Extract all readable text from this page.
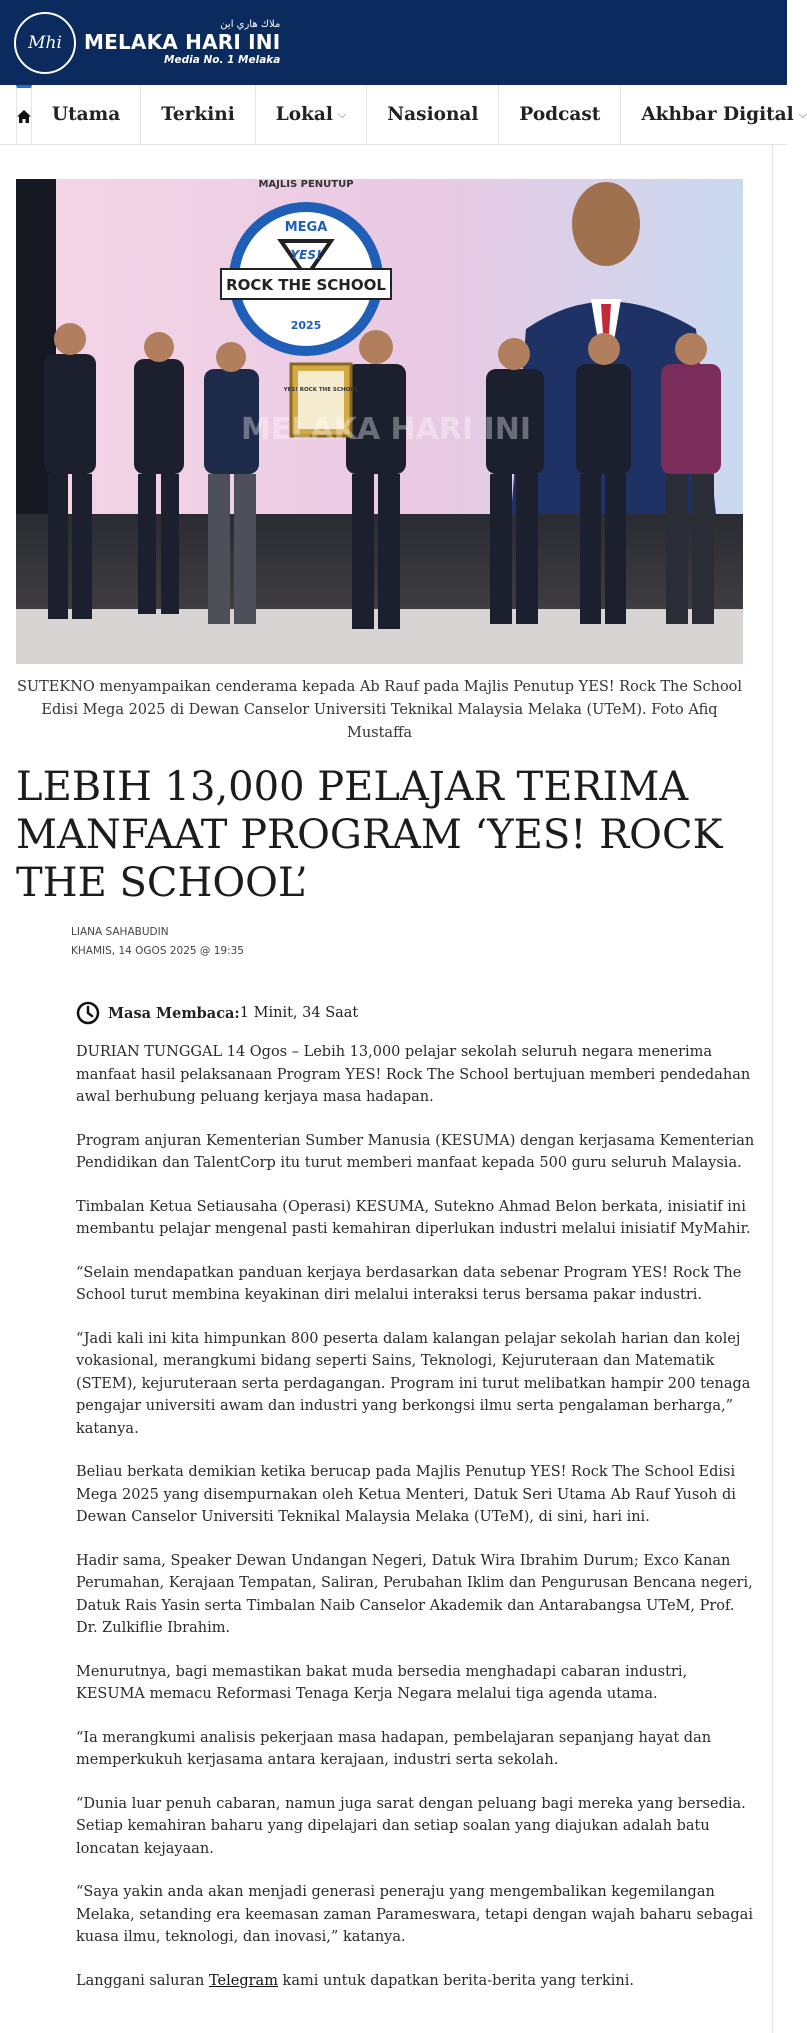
Mhi
ملاك هاري اين
MELAKA HARI INI
Media No. 1 Melaka
Utama Terkini Lokal ⌵ Nasional Podcast Akhbar Digital ⌵
MAJLIS PENUTUP
MEGA
YES!
ROCK THE SCHOOL
2025
YES! ROCK THE SCHOOL
MELAKA HARI INI
SUTEKNO menyampaikan cenderama kepada Ab Rauf pada Majlis Penutup YES! Rock The School Edisi Mega 2025 di Dewan Canselor Universiti Teknikal Malaysia Melaka (UTeM). Foto Afiq Mustaffa
LEBIH 13,000 PELAJAR TERIMA MANFAAT PROGRAM ‘YES! ROCK THE SCHOOL’
LIANA SAHABUDIN
KHAMIS, 14 OGOS 2025 @ 19:35
Masa Membaca: 1 Minit, 34 Saat

DURIAN TUNGGAL 14 Ogos – Lebih 13,000 pelajar sekolah seluruh negara menerima manfaat hasil pelaksanaan Program YES! Rock The School bertujuan memberi pendedahan awal berhubung peluang kerjaya masa hadapan.

Program anjuran Kementerian Sumber Manusia (KESUMA) dengan kerjasama Kementerian Pendidikan dan TalentCorp itu turut memberi manfaat kepada 500 guru seluruh Malaysia.

Timbalan Ketua Setiausaha (Operasi) KESUMA, Sutekno Ahmad Belon berkata, inisiatif ini membantu pelajar mengenal pasti kemahiran diperlukan industri melalui inisiatif MyMahir.

“Selain mendapatkan panduan kerjaya berdasarkan data sebenar Program YES! Rock The School turut membina keyakinan diri melalui interaksi terus bersama pakar industri.

“Jadi kali ini kita himpunkan 800 peserta dalam kalangan pelajar sekolah harian dan kolej vokasional, merangkumi bidang seperti Sains, Teknologi, Kejuruteraan dan Matematik (STEM), kejuruteraan serta perdagangan. Program ini turut melibatkan hampir 200 tenaga pengajar universiti awam dan industri yang berkongsi ilmu serta pengalaman berharga,” katanya.

Beliau berkata demikian ketika berucap pada Majlis Penutup YES! Rock The School Edisi Mega 2025 yang disempurnakan oleh Ketua Menteri, Datuk Seri Utama Ab Rauf Yusoh di Dewan Canselor Universiti Teknikal Malaysia Melaka (UTeM), di sini, hari ini.

Hadir sama, Speaker Dewan Undangan Negeri, Datuk Wira Ibrahim Durum; Exco Kanan Perumahan, Kerajaan Tempatan, Saliran, Perubahan Iklim dan Pengurusan Bencana negeri, Datuk Rais Yasin serta Timbalan Naib Canselor Akademik dan Antarabangsa UTeM, Prof. Dr. Zulkiflie Ibrahim.

Menurutnya, bagi memastikan bakat muda bersedia menghadapi cabaran industri, KESUMA memacu Reformasi Tenaga Kerja Negara melalui tiga agenda utama.

“Ia merangkumi analisis pekerjaan masa hadapan, pembelajaran sepanjang hayat dan memperkukuh kerjasama antara kerajaan, industri serta sekolah.

“Dunia luar penuh cabaran, namun juga sarat dengan peluang bagi mereka yang bersedia. Setiap kemahiran baharu yang dipelajari dan setiap soalan yang diajukan adalah batu loncatan kejayaan.

“Saya yakin anda akan menjadi generasi peneraju yang mengembalikan kegemilangan Melaka, setanding era keemasan zaman Parameswara, tetapi dengan wajah baharu sebagai kuasa ilmu, teknologi, dan inovasi,” katanya.

Langgani saluran Telegram kami untuk dapatkan berita-berita yang terkini.
